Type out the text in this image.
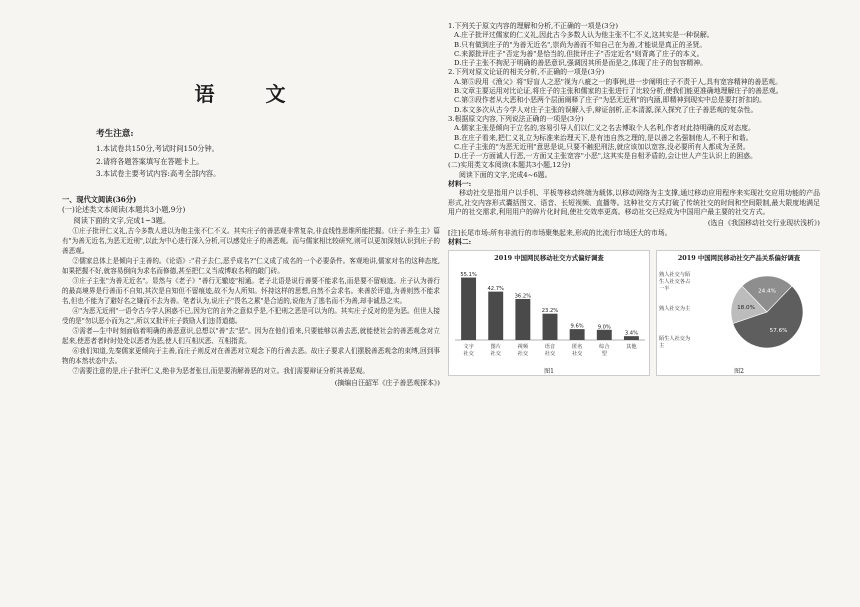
语 文
考生注意:
1.本试卷共150分,考试时间150分钟。
2.请将各题答案填写在答题卡上。
3.本试卷主要考试内容:高考全部内容。
一、现代文阅读(36分)
(一)论述类文本阅读(本题共3小题,9分)
阅读下面的文字,完成1~3题。
①庄子批评仁义礼,古今多数人进以为他主张不仁不义。其实庄子的善恶观非常复杂,非直线性思维所能把握。《庄子·养生主》篇有"为善无近名,为恶无近刑",以此为中心进行深入分析,可以感觉庄子的善恶观。而与儒家相比较研究,则可以更加深刻认识到庄子的善恶观。
②儒家总体上是倾向于主善的。《论语》:"君子去仁,恶乎成名?"仁义成了成名的一个必要条件。客观地讲,儒家对名的这种态度,如果把握不好,就容易倒向为求名而修德,甚至把仁义当成博取名利的敲门砖。
③庄子主张"为善无近名"。显然与《老子》"善行无辙迹"相通。老子北语是说行善要不能求名,而是要不留痕迹。庄子认为善行的最高境界是行善而不自知,其次是自知但不留痕迹,故不为人所知。怀持这样的思想,自然不会求名。来善於评道,为善则然不能求名,但也不能为了避好名之嫌而不去为善。笔者认为,说庄子"畏名之累"是合适的,说他为了逃名而不为善,却非诚恳之实。
④"为恶无近刑"一语令古今学人困惑不已,因为它的言外之意似乎是,不犯刑之恶是可以为的。其实庄子反对的是为恶。但世人接受的是"勿以恶小而为之",所以又批评庄子鼓励人们违背道德。
⑤需者—生中时刻面临着明确的善恶意识,总想以"善"去"恶"。因为在他们看来,只要能够以善去恶,就能使社会的善恶观念对立起来,使恶者者时时处处以恶者为恶,使人们互相厌恶、互相指责。
⑥我们知道,先秦儒家更倾向于主善,而庄子则反对在善恶对立观念下的行善去恶。故庄子要求人们摆脱善恶观念的束缚,回到事物的本然状态中去。
⑦需要注意的是,庄子批评仁义,绝非为恶者张目,而是要消解善恶的对立。我们需要辩证分析其善恶观。
(摘编自汪韶军《庄子善恶观探本》)
1.下列关于原文内容的理解和分析,不正确的一项是(3分)
A.庄子批评过儒家的仁义礼,因此古今多数人认为他主张不仁不义,这其实是一种误解。
B.只有做到庄子的"为善无近名",崇尚为善而不知自己在为善,才能说是真正的圣贤。
C.来源批评庄子"否定为善"是恰当的,但批评庄子"否定近名"则背离了庄子的本义。
D.庄子主张不拘泥于明确的善恶意识,强调因其所是而是之,体现了庄子的包容精神。
2.下列对原文论证的相关分析,不正确的一项是(3分)
A.第⑤段用《渔父》将"好盲人之恶"视为八疵之一的事例,进一步阐明庄子不责于人,具有宽容精神的善恶观。
B.文章主要运用对比论证,将庄子的主张和儒家的主张进行了比较分析,使我们能更准确地理解庄子的善恶观。
C.第③段作者从大恶和小恶两个层面阐释了庄子"为恶无近刑"的内涵,即精神到现实中总是要打折扣的。
D.本文多次从古今学人对庄子主张的误解入手,辩证剖析,正本清源,深入探究了庄子善恶观的复杂性。
3.根据原文内容,下列说法正确的一项是(3分)
A.儒家主张是倾向于立名的,容易引导人们以仁义之名去博取个人名利,作者对此持明确的反对态度。
B.在庄子看来,把仁义礼立为标准来治理天下,是有违自然之理的,是以善之名强制他人,不利于和谐。
C.庄子主张的"为恶无近刑"意思是说,只要不触犯刑法,就应该加以宽容,没必要所有人都成为圣贤。
D.庄子一方面诚人行恶,一方面又主张宽容"小恶",这其实是自相矛盾的,会让世人产生认识上的困惑。
(二)实用类文本阅读(本题共3小题,12分)
阅读下面的文字,完成4~6题。
材料一:
移动社交是指用户以手机、平板等移动终端为载体,以移动网络为主支撑,通过移动应用程序来实现社交应用功能的产品形式,社交内容形式囊括图文、语音、长短视频、直播等。这种社交方式打破了传统社交的时间和空间限制,最大限度地满足用户的社交需求,利用用户的碎片化时间,使社交效率更高。移动社交已经成为中国用户最主要的社交方式。
(选自《我国移动社交行业现状浅析》)
[注]长尾市场:所有非流行的市场聚集起来,形成的比流行市场还大的市场。
材料二:
2019 中国网民移动社交方式偏好调查
55.1%
文字
社交
42.7%
图片
社交
36.2%
视频
社交
23.2%
语音
社交
9.6%
匿名
社交
9.0%
综合
型
3.4%
其他
图1
2019 中国网民移动社交产品关系偏好调查
24.4%
57.6%
18.0%
熟人社交与陌
生人社交各占
一半
熟人社交为主
陌生人社交为
主
图2
